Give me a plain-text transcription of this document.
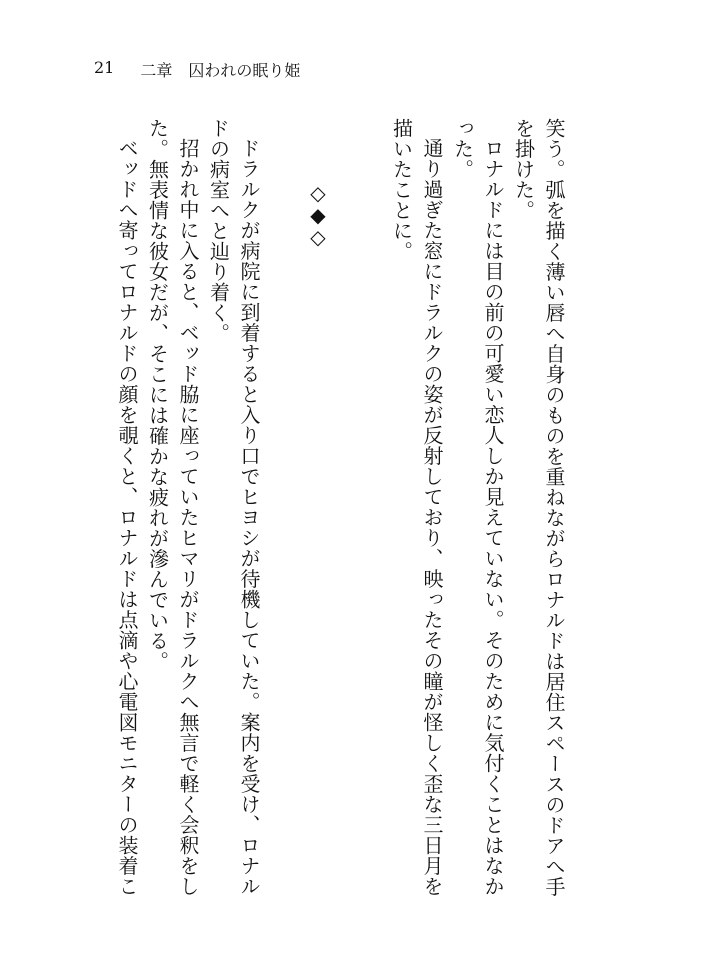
21 二章　囚われの眠り姫
笑う。弧を描く薄い唇へ自身のものを重ねながらロナルドは居住スペースのドアへ手
を掛けた。
ロナルドには目の前の可愛い恋人しか見えていない。そのために気付くことはなか
った。
通り過ぎた窓にドラルクの姿が反射しており、映ったその瞳が怪しく歪な三日月を
描いたことに。
ドラルクが病院に到着すると入り口でヒヨシが待機していた。案内を受け、ロナル
ドの病室へと辿り着く。
招かれ中に入ると、ベッド脇に座っていたヒマリがドラルクへ無言で軽く会釈をし
た。無表情な彼女だが、そこには確かな疲れが滲んでいる。
ベッドへ寄ってロナルドの顔を覗くと、ロナルドは点滴や心電図モニターの装着こ	◇
◆
◇
